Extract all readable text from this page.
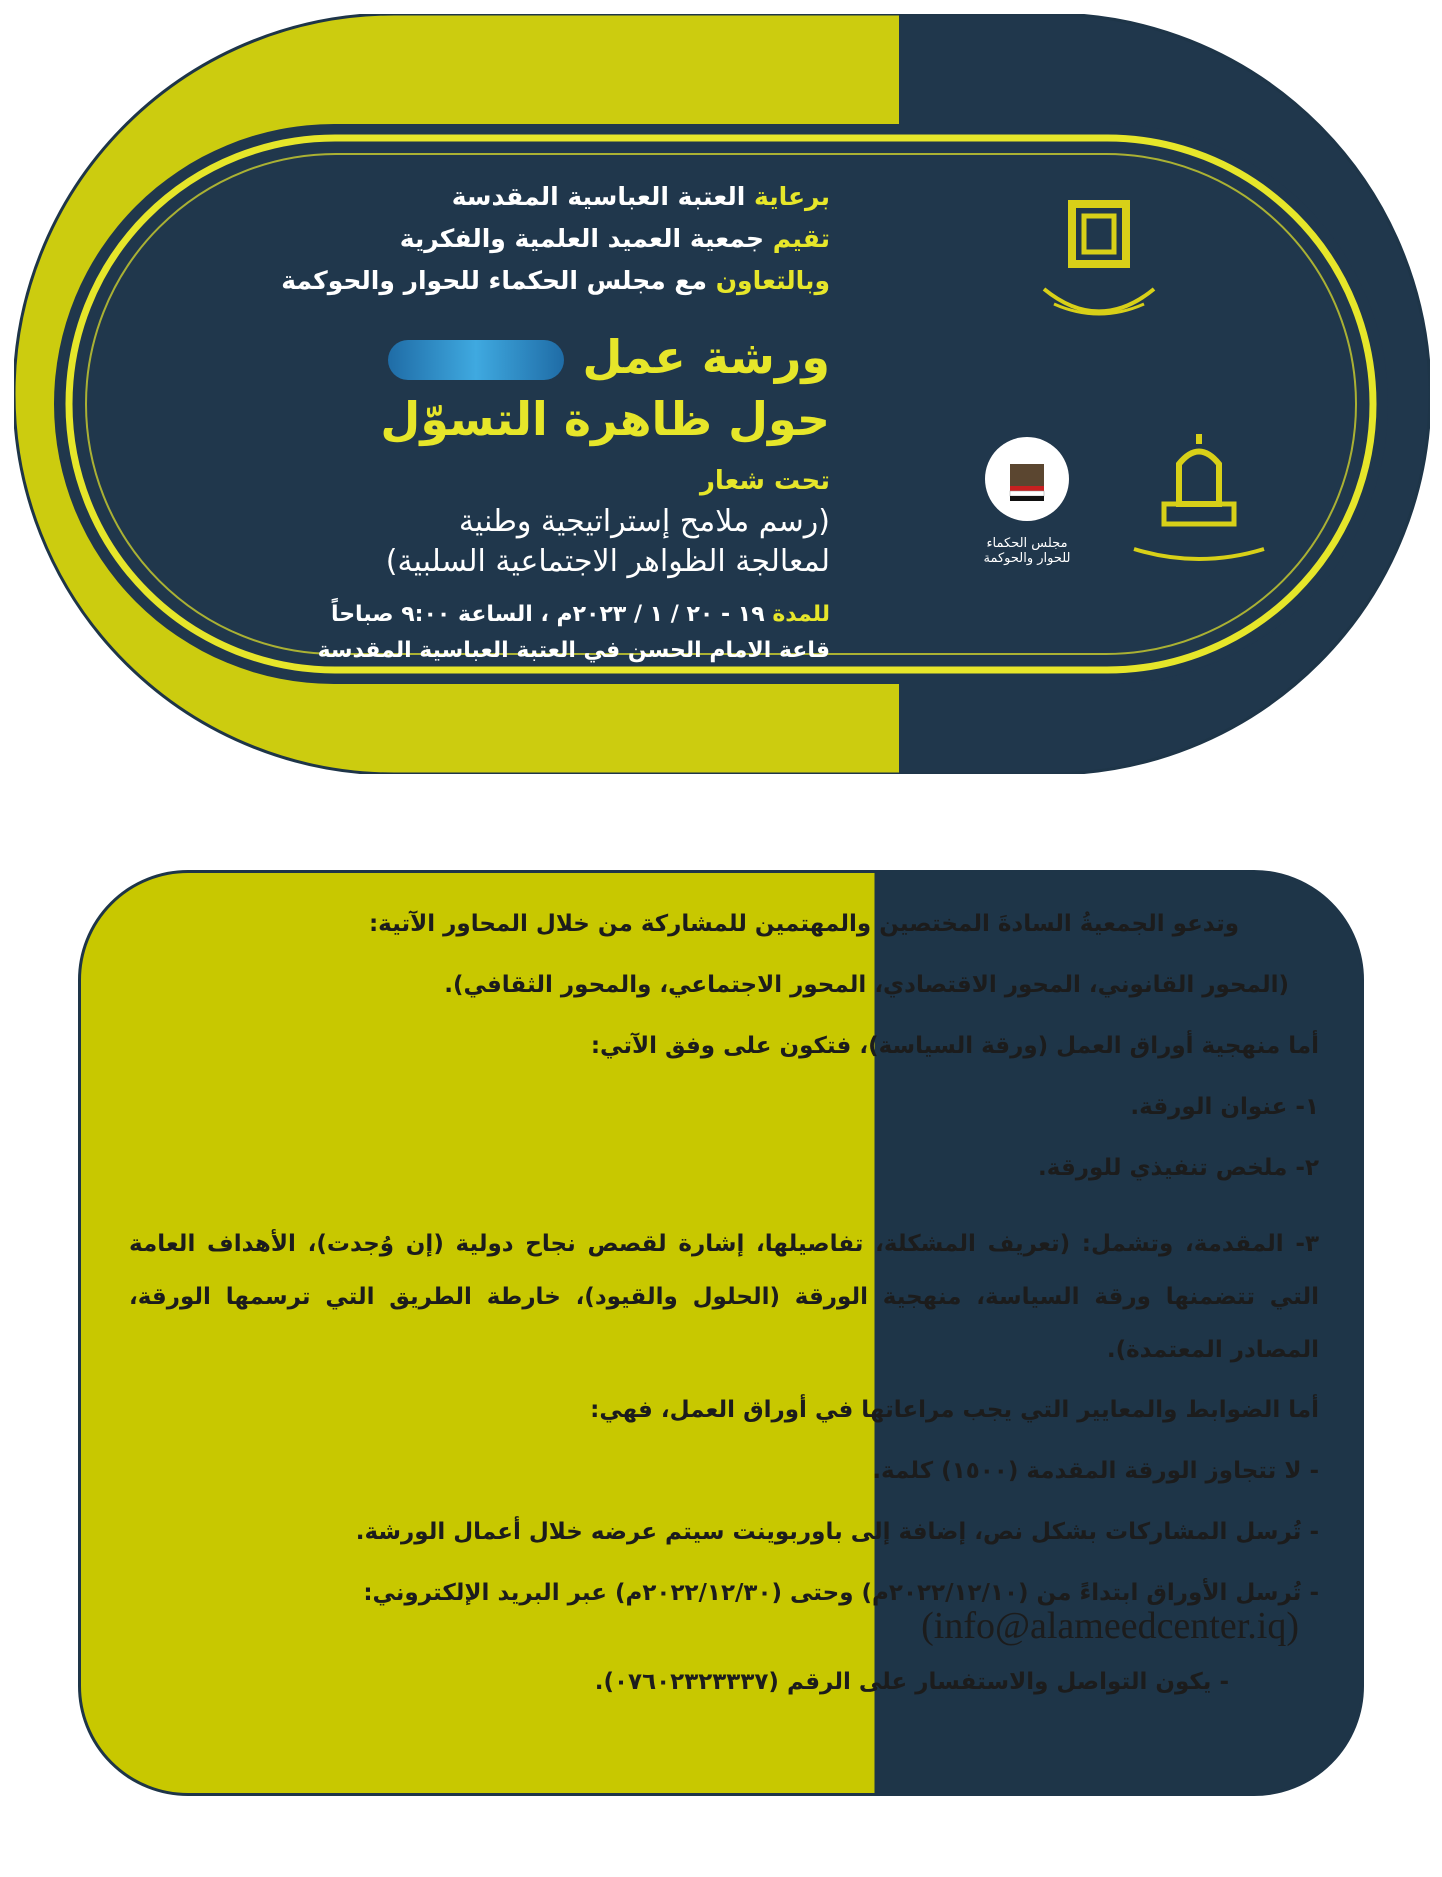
برعاية العتبة العباسية المقدسة
تقيم جمعية العميد العلمية والفكرية
وبالتعاون مع مجلس الحكماء للحوار والحوكمة
ورشة عمل
حول ظاهرة التسوّل
تحت شعار
(رسم ملامح إستراتيجية وطنية
لمعالجة الظواهر الاجتماعية السلبية)
للمدة ١٩ - ٢٠ / ١ / ٢٠٢٣م ، الساعة ٩:٠٠ صباحاً
قاعة الامام الحسن في العتبة العباسية المقدسة
مجلس الحكماء
للحوار والحوكمة
وتدعو الجمعيةُ السادةَ المختصين والمهتمين للمشاركة من خلال المحاور الآتية:
(المحور القانوني، المحور الاقتصادي، المحور الاجتماعي، والمحور الثقافي).
أما منهجية أوراق العمل (ورقة السياسة)، فتكون على وفق الآتي:
١- عنوان الورقة.
٢- ملخص تنفيذي للورقة.
٣- المقدمة، وتشمل: (تعريف المشكلة، تفاصيلها، إشارة لقصص نجاح دولية (إن وُجدت)، الأهداف العامة التي تتضمنها ورقة السياسة، منهجية الورقة (الحلول والقيود)، خارطة الطريق التي ترسمها الورقة، المصادر المعتمدة).
أما الضوابط والمعايير التي يجب مراعاتها في أوراق العمل، فهي:
- لا تتجاوز الورقة المقدمة (١٥٠٠) كلمة.
- تُرسل المشاركات بشكل نص، إضافة إلى باوربوينت سيتم عرضه خلال أعمال الورشة.
- تُرسل الأوراق ابتداءً من (٢٠٢٢/١٢/١٠م) وحتى (٢٠٢٢/١٢/٣٠م) عبر البريد الإلكتروني:
(info@alameedcenter.iq)
- يكون التواصل والاستفسار على الرقم (٠٧٦٠٢٣٢٣٣٣٧).
